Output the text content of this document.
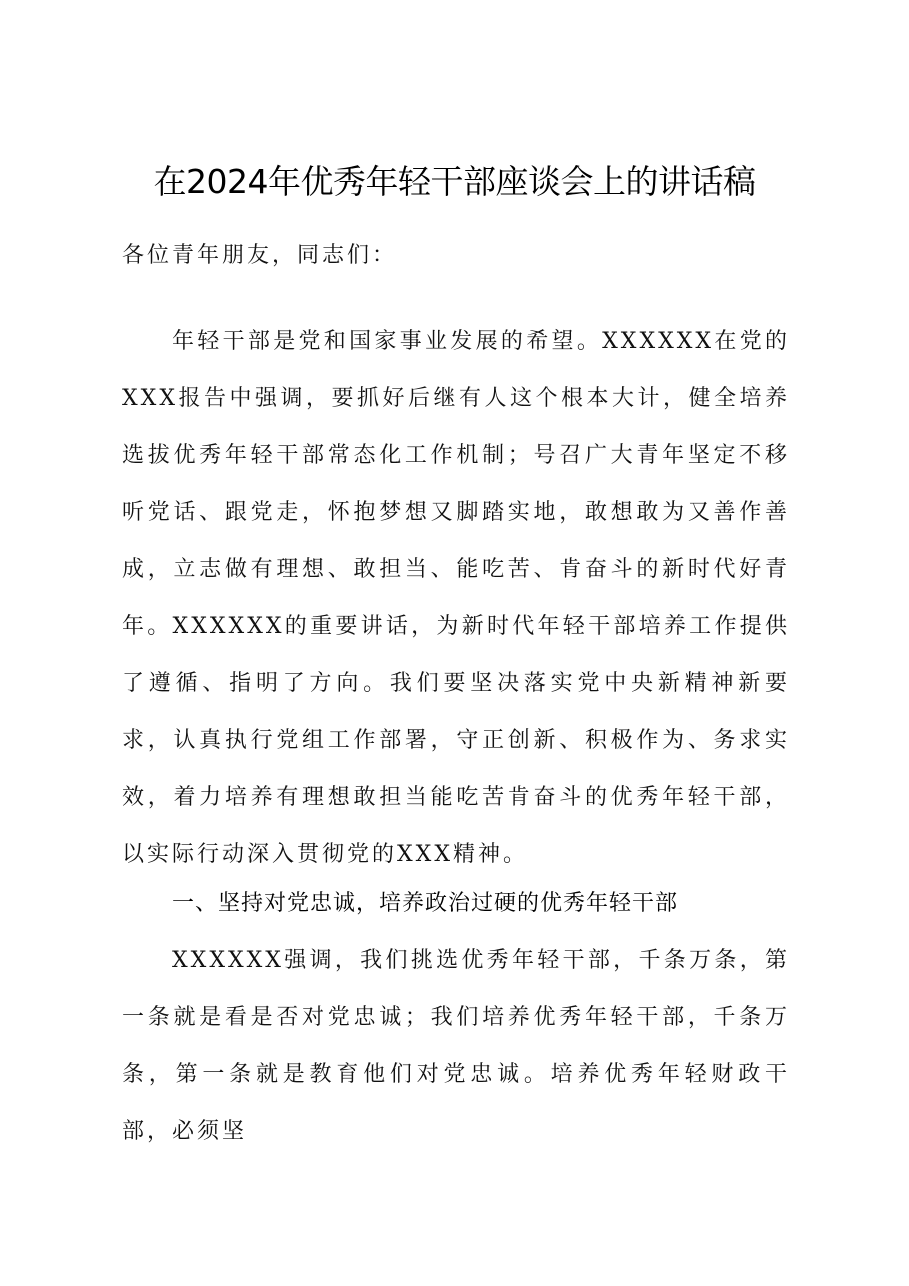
在2024年优秀年轻干部座谈会上的讲话稿
各位青年朋友，同志们：
年轻干部是党和国家事业发展的希望。XXXXXX在党的XXX报告中强调，要抓好后继有人这个根本大计，健全培养选拔优秀年轻干部常态化工作机制；号召广大青年坚定不移听党话、跟党走，怀抱梦想又脚踏实地，敢想敢为又善作善成，立志做有理想、敢担当、能吃苦、肯奋斗的新时代好青年。XXXXXX的重要讲话，为新时代年轻干部培养工作提供了遵循、指明了方向。我们要坚决落实党中央新精神新要求，认真执行党组工作部署，守正创新、积极作为、务求实效，着力培养有理想敢担当能吃苦肯奋斗的优秀年轻干部，以实际行动深入贯彻党的XXX精神。
一、坚持对党忠诚，培养政治过硬的优秀年轻干部
XXXXXX强调，我们挑选优秀年轻干部，千条万条，第一条就是看是否对党忠诚；我们培养优秀年轻干部，千条万条，第一条就是教育他们对党忠诚。培养优秀年轻财政干部，必须坚
